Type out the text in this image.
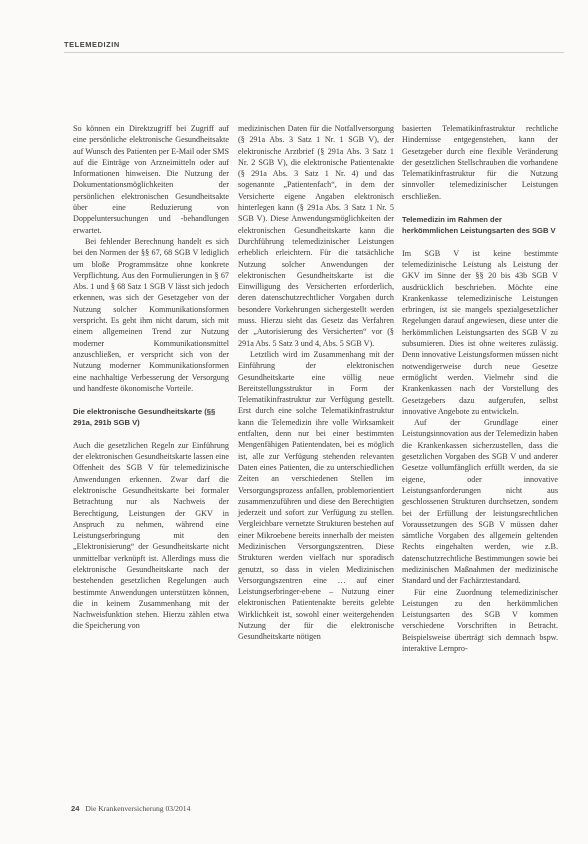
TELEMEDIZIN

So können ein Direktzugriff bei Zugriff auf eine persönliche elektronische Gesundheitsakte auf Wunsch des Patienten per E-Mail oder SMS auf die Einträge von Arzneimitteln oder auf Informationen hinweisen. Die Nutzung der Dokumentationsmöglichkeiten der persönlichen elektronischen Gesundheitsakte über eine Reduzierung von Doppeluntersuchungen und -behandlungen erwartet.

Bei fehlender Berechnung handelt es sich bei den Normen der §§ 67, 68 SGB V lediglich um bloße Programmsätze ohne konkrete Verpflichtung. Aus den Formulierungen in § 67 Abs. 1 und § 68 Satz 1 SGB V lässt sich jedoch erkennen, was sich der Gesetzgeber von der Nutzung solcher Kommunikationsformen verspricht. Es geht ihm nicht darum, sich mit einem allgemeinen Trend zur Nutzung moderner Kommunikationsmittel anzuschließen, er verspricht sich von der Nutzung moderner Kommunikationsformen eine nachhaltige Verbesserung der Versorgung und handfeste ökonomische Vorteile.

Die elektronische Gesundheitskarte (§§ 291a, 291b SGB V)

Auch die gesetzlichen Regeln zur Einführung der elektronischen Gesundheitskarte lassen eine Offenheit des SGB V für telemedizinische Anwendungen erkennen. Zwar darf die elektronische Gesundheitskarte bei formaler Betrachtung nur als Nachweis der Berechtigung, Leistungen der GKV in Anspruch zu nehmen, während eine Leistungserbringung mit den „Elektronisierung“ der Gesundheitskarte nicht unmittelbar verknüpft ist. Allerdings muss die elektronische Gesundheitskarte nach der bestehenden gesetzlichen Regelungen auch bestimmte Anwendungen unterstützen können, die in keinem Zusammenhang mit der Nachweisfunktion stehen. Hierzu zählen etwa die Speicherung von

medizinischen Daten für die Notfallversorgung (§ 291a Abs. 3 Satz 1 Nr. 1 SGB V), der elektronische Arztbrief (§ 291a Abs. 3 Satz 1 Nr. 2 SGB V), die elektronische Patientenakte (§ 291a Abs. 3 Satz 1 Nr. 4) und das sogenannte „Patientenfach“, in dem der Versicherte eigene Angaben elektronisch hinterlegen kann (§ 291a Abs. 3 Satz 1 Nr. 5 SGB V). Diese Anwendungsmöglichkeiten der elektronischen Gesundheitskarte kann die Durchführung telemedizinischer Leistungen erheblich erleichtern. Für die tatsächliche Nutzung solcher Anwendungen der elektronischen Gesundheitskarte ist die Einwilligung des Versicherten erforderlich, deren datenschutzrechtlicher Vorgaben durch besondere Vorkehrungen sichergestellt werden muss. Hierzu sieht das Gesetz das Verfahren der „Autorisierung des Versicherten“ vor (§ 291a Abs. 5 Satz 3 und 4, Abs. 5 SGB V).

Letztlich wird im Zusammenhang mit der Einführung der elektronischen Gesundheitskarte eine völlig neue Bereitstellungsstruktur in Form der Telematikinfrastruktur zur Verfügung gestellt. Erst durch eine solche Telematikinfrastruktur kann die Telemedizin ihre volle Wirksamkeit entfalten, denn nur bei einer bestimmten Mengenfähigen Patientendaten, bei es möglich ist, alle zur Verfügung stehenden relevanten Daten eines Patienten, die zu unterschiedlichen Zeiten an verschiedenen Stellen im Versorgungsprozess anfallen, problemorientiert zusammenzuführen und diese den Berechtigten jederzeit und sofort zur Verfügung zu stellen. Vergleichbare vernetzte Strukturen bestehen auf einer Mikroebene bereits innerhalb der meisten Medizinischen Versorgungszentren. Diese Strukturen werden vielfach nur sporadisch genutzt, so dass in vielen Medizinischen Versorgungszentren eine … auf einer Leistungserbringer-ebene – Nutzung einer elektronischen Patientenakte bereits gelebte Wirklichkeit ist, sowohl einer weitergehenden Nutzung der für die elektronische Gesundheitskarte nötigen

basierten Telematikinfrastruktur rechtliche Hindernisse entgegenstehen, kann der Gesetzgeber durch eine flexible Veränderung der gesetzlichen Stellschrauben die vorhandene Telematikinfrastruktur für die Nutzung sinnvoller telemedizinischer Leistungen erschließen.

Telemedizin im Rahmen der herkömmlichen Leistungsarten des SGB V

Im SGB V ist keine bestimmte telemedizinische Leistung als Leistung der GKV im Sinne der §§ 20 bis 43b SGB V ausdrücklich beschrieben. Möchte eine Krankenkasse telemedizinische Leistungen erbringen, ist sie mangels spezialgesetzlicher Regelungen darauf angewiesen, diese unter die herkömmlichen Leistungsarten des SGB V zu subsumieren. Dies ist ohne weiteres zulässig. Denn innovative Leistungsformen müssen nicht notwendigerweise durch neue Gesetze ermöglicht werden. Vielmehr sind die Krankenkassen nach der Vorstellung des Gesetzgebers dazu aufgerufen, selbst innovative Angebote zu entwickeln.

Auf der Grundlage einer Leistungsinnovation aus der Telemedizin haben die Krankenkassen sicherzustellen, dass die gesetzlichen Vorgaben des SGB V und anderer Gesetze vollumfänglich erfüllt werden, da sie eigene, oder innovative Leistungsanforderungen nicht aus geschlossenen Strukturen durchsetzen, sondern bei der Erfüllung der leistungsrechtlichen Voraussetzungen des SGB V müssen daher sämtliche Vorgaben des allgemein geltenden Rechts eingehalten werden, wie z.B. datenschutzrechtliche Bestimmungen sowie bei medizinischen Maßnahmen der medizinische Standard und der Fachärztestandard.

Für eine Zuordnung telemedizinischer Leistungen zu den herkömmlichen Leistungsarten des SGB V kommen verschiedene Vorschriften in Betracht. Beispielsweise überträgt sich demnach bspw. interaktive Lernpro-

24 Die Krankenversicherung 03/2014
